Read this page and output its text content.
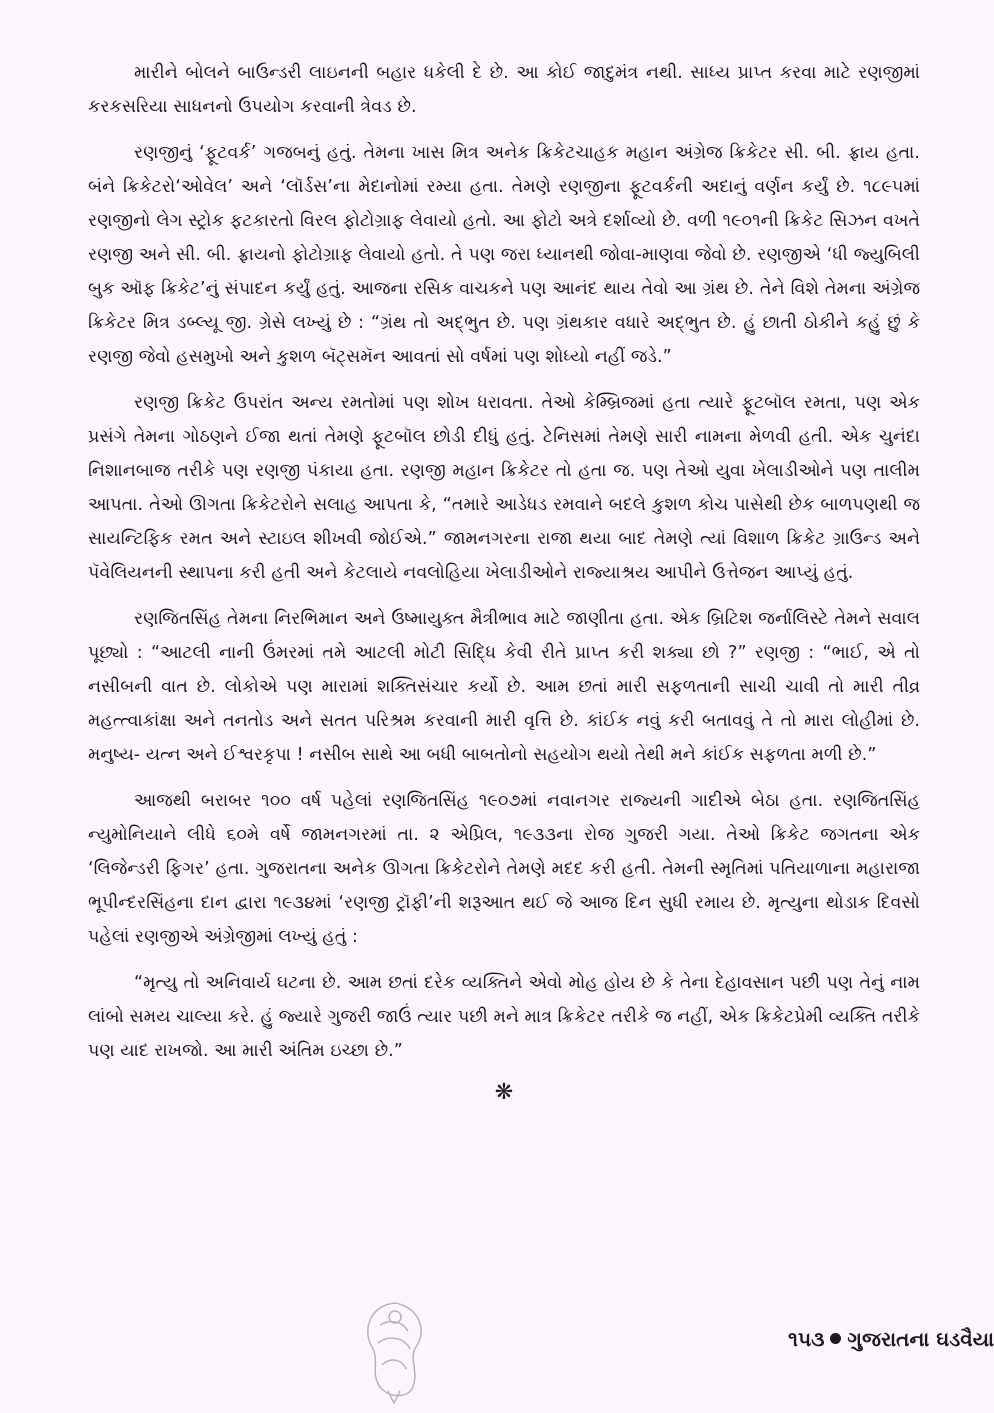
મારીને બોલને બાઉન્ડરી લાઇનની બહાર ધકેલી દે છે. આ કોઈ જાદુમંત્ર નથી. સાધ્ય પ્રાપ્ત કરવા માટે રણજીમાં કરકસરિયા સાધનનો ઉપયોગ કરવાની ત્રેવડ છે.

રણજીનું ‘ફૂટવર્ક’ ગજબનું હતું. તેમના ખાસ મિત્ર અનેક ક્રિકેટચાહક મહાન અંગ્રેજ ક્રિકેટર સી. બી. ફ્રાય હતા. બંને ક્રિકેટરો‘ઓવેલ’ અને ‘લૉર્ડસ’ના મેદાનોમાં રમ્યા હતા. તેમણે રણજીના ફૂટવર્કની અદાનું વર્ણન કર્યું છે. ૧૮૯૫માં રણજીનો લેગ સ્ટ્રોક ફટકારતો વિરલ ફોટોગ્રાફ લેવાયો હતો. આ ફોટો અત્રે દર્શાવ્યો છે. વળી ૧૯૦૧ની ક્રિકેટ સિઝન વખતે રણજી અને સી. બી. ફ્રાયનો ફોટોગ્રાફ લેવાયો હતો. તે પણ જરા ધ્યાનથી જોવા-માણવા જેવો છે. રણજીએ ‘ધી જ્યુબિલી બુક ઑફ ક્રિકેટ’નું સંપાદન કર્યું હતું. આજના રસિક વાચકને પણ આનંદ થાય તેવો આ ગ્રંથ છે. તેને વિશે તેમના અંગ્રેજ ક્રિકેટર મિત્ર ડબ્લ્યૂ જી. ગ્રેસે લખ્યું છે : “ગ્રંથ તો અદ્ભુત છે. પણ ગ્રંથકાર વધારે અદ્ભુત છે. હું છાતી ઠોકીને કહું છું કે રણજી જેવો હસમુખો અને કુશળ બૅટ્સમૅન આવતાં સો વર્ષમાં પણ શોધ્યો નહીં જડે.”

રણજી ક્રિકેટ ઉપરાંત અન્ય રમતોમાં પણ શોખ ધરાવતા. તેઓ કેમ્બ્રિજમાં હતા ત્યારે ફૂટબૉલ રમતા, પણ એક પ્રસંગે તેમના ગોઠણને ઈજા થતાં તેમણે ફૂટબૉલ છોડી દીધું હતું. ટેનિસમાં તેમણે સારી નામના મેળવી હતી. એક ચુનંદા નિશાનબાજ તરીકે પણ રણજી પંકાયા હતા. રણજી મહાન ક્રિકેટર તો હતા જ. પણ તેઓ યુવા ખેલાડીઓને પણ તાલીમ આપતા. તેઓ ઊગતા ક્રિકેટરોને સલાહ આપતા કે, “તમારે આડેધડ રમવાને બદલે કુશળ કોચ પાસેથી છેક બાળપણથી જ સાયન્ટિફિક રમત અને સ્ટાઇલ શીખવી જોઈએ.” જામનગરના રાજા થયા બાદ તેમણે ત્યાં વિશાળ ક્રિકેટ ગ્રાઉન્ડ અને પૅવેલિયનની સ્થાપના કરી હતી અને કેટલાયે નવલોહિયા ખેલાડીઓને રાજ્યાશ્રય આપીને ઉત્તેજન આપ્યું હતું.

રણજિતસિંહ તેમના નિરભિમાન અને ઉષ્માયુક્ત મૈત્રીભાવ માટે જાણીતા હતા. એક બ્રિટિશ જર્નાલિસ્ટે તેમને સવાલ પૂછ્યો : “આટલી નાની ઉંમરમાં તમે આટલી મોટી સિદ્ધિ કેવી રીતે પ્રાપ્ત કરી શક્યા છો ?” રણજી : “ભાઈ, એ તો નસીબની વાત છે. લોકોએ પણ મારામાં શક્તિસંચાર કર્યો છે. આમ છતાં મારી સફળતાની સાચી ચાવી તો મારી તીવ્ર મહત્ત્વાકાંક્ષા અને તનતોડ અને સતત પરિશ્રમ કરવાની મારી વૃત્તિ છે. કાંઈક નવું કરી બતાવવું તે તો મારા લોહીમાં છે. મનુષ્ય- યત્ન અને ઈશ્વરકૃપા ! નસીબ સાથે આ બધી બાબતોનો સહયોગ થયો તેથી મને કાંઈક સફળતા મળી છે.”

આજથી બરાબર ૧૦૦ વર્ષ પહેલાં રણજિતસિંહ ૧૯૦૭માં નવાનગર રાજ્યની ગાદીએ બેઠા હતા. રણજિતસિંહ ન્યુમોનિયાને લીધે ૬૦મે વર્ષે જામનગરમાં તા. ૨ એપ્રિલ, ૧૯૩૩ના રોજ ગુજરી ગયા. તેઓ ક્રિકેટ જગતના એક ‘લિજેન્ડરી ફિગર’ હતા. ગુજરાતના અનેક ઊગતા ક્રિકેટરોને તેમણે મદદ કરી હતી. તેમની સ્મૃતિમાં પતિયાળાના મહારાજા ભૂપીન્દરસિંહના દાન દ્વારા ૧૯૩૪માં ‘રણજી ટ્રૉફી’ની શરૂઆત થઈ જે આજ દિન સુધી રમાય છે. મૃત્યુના થોડાક દિવસો પહેલાં રણજીએ અંગ્રેજીમાં લખ્યું હતું :

“મૃત્યુ તો અનિવાર્ય ઘટના છે. આમ છતાં દરેક વ્યક્તિને એવો મોહ હોય છે કે તેના દેહાવસાન પછી પણ તેનું નામ લાંબો સમય ચાલ્યા કરે. હું જ્યારે ગુજરી જાઉં ત્યાર પછી મને માત્ર ક્રિકેટર તરીકે જ નહીં, એક ક્રિકેટપ્રેમી વ્યક્તિ તરીકે પણ યાદ રાખજો. આ મારી અંતિમ ઇચ્છા છે.”

❋
૧૫૩ ગુજરાતના ઘડવૈયા
